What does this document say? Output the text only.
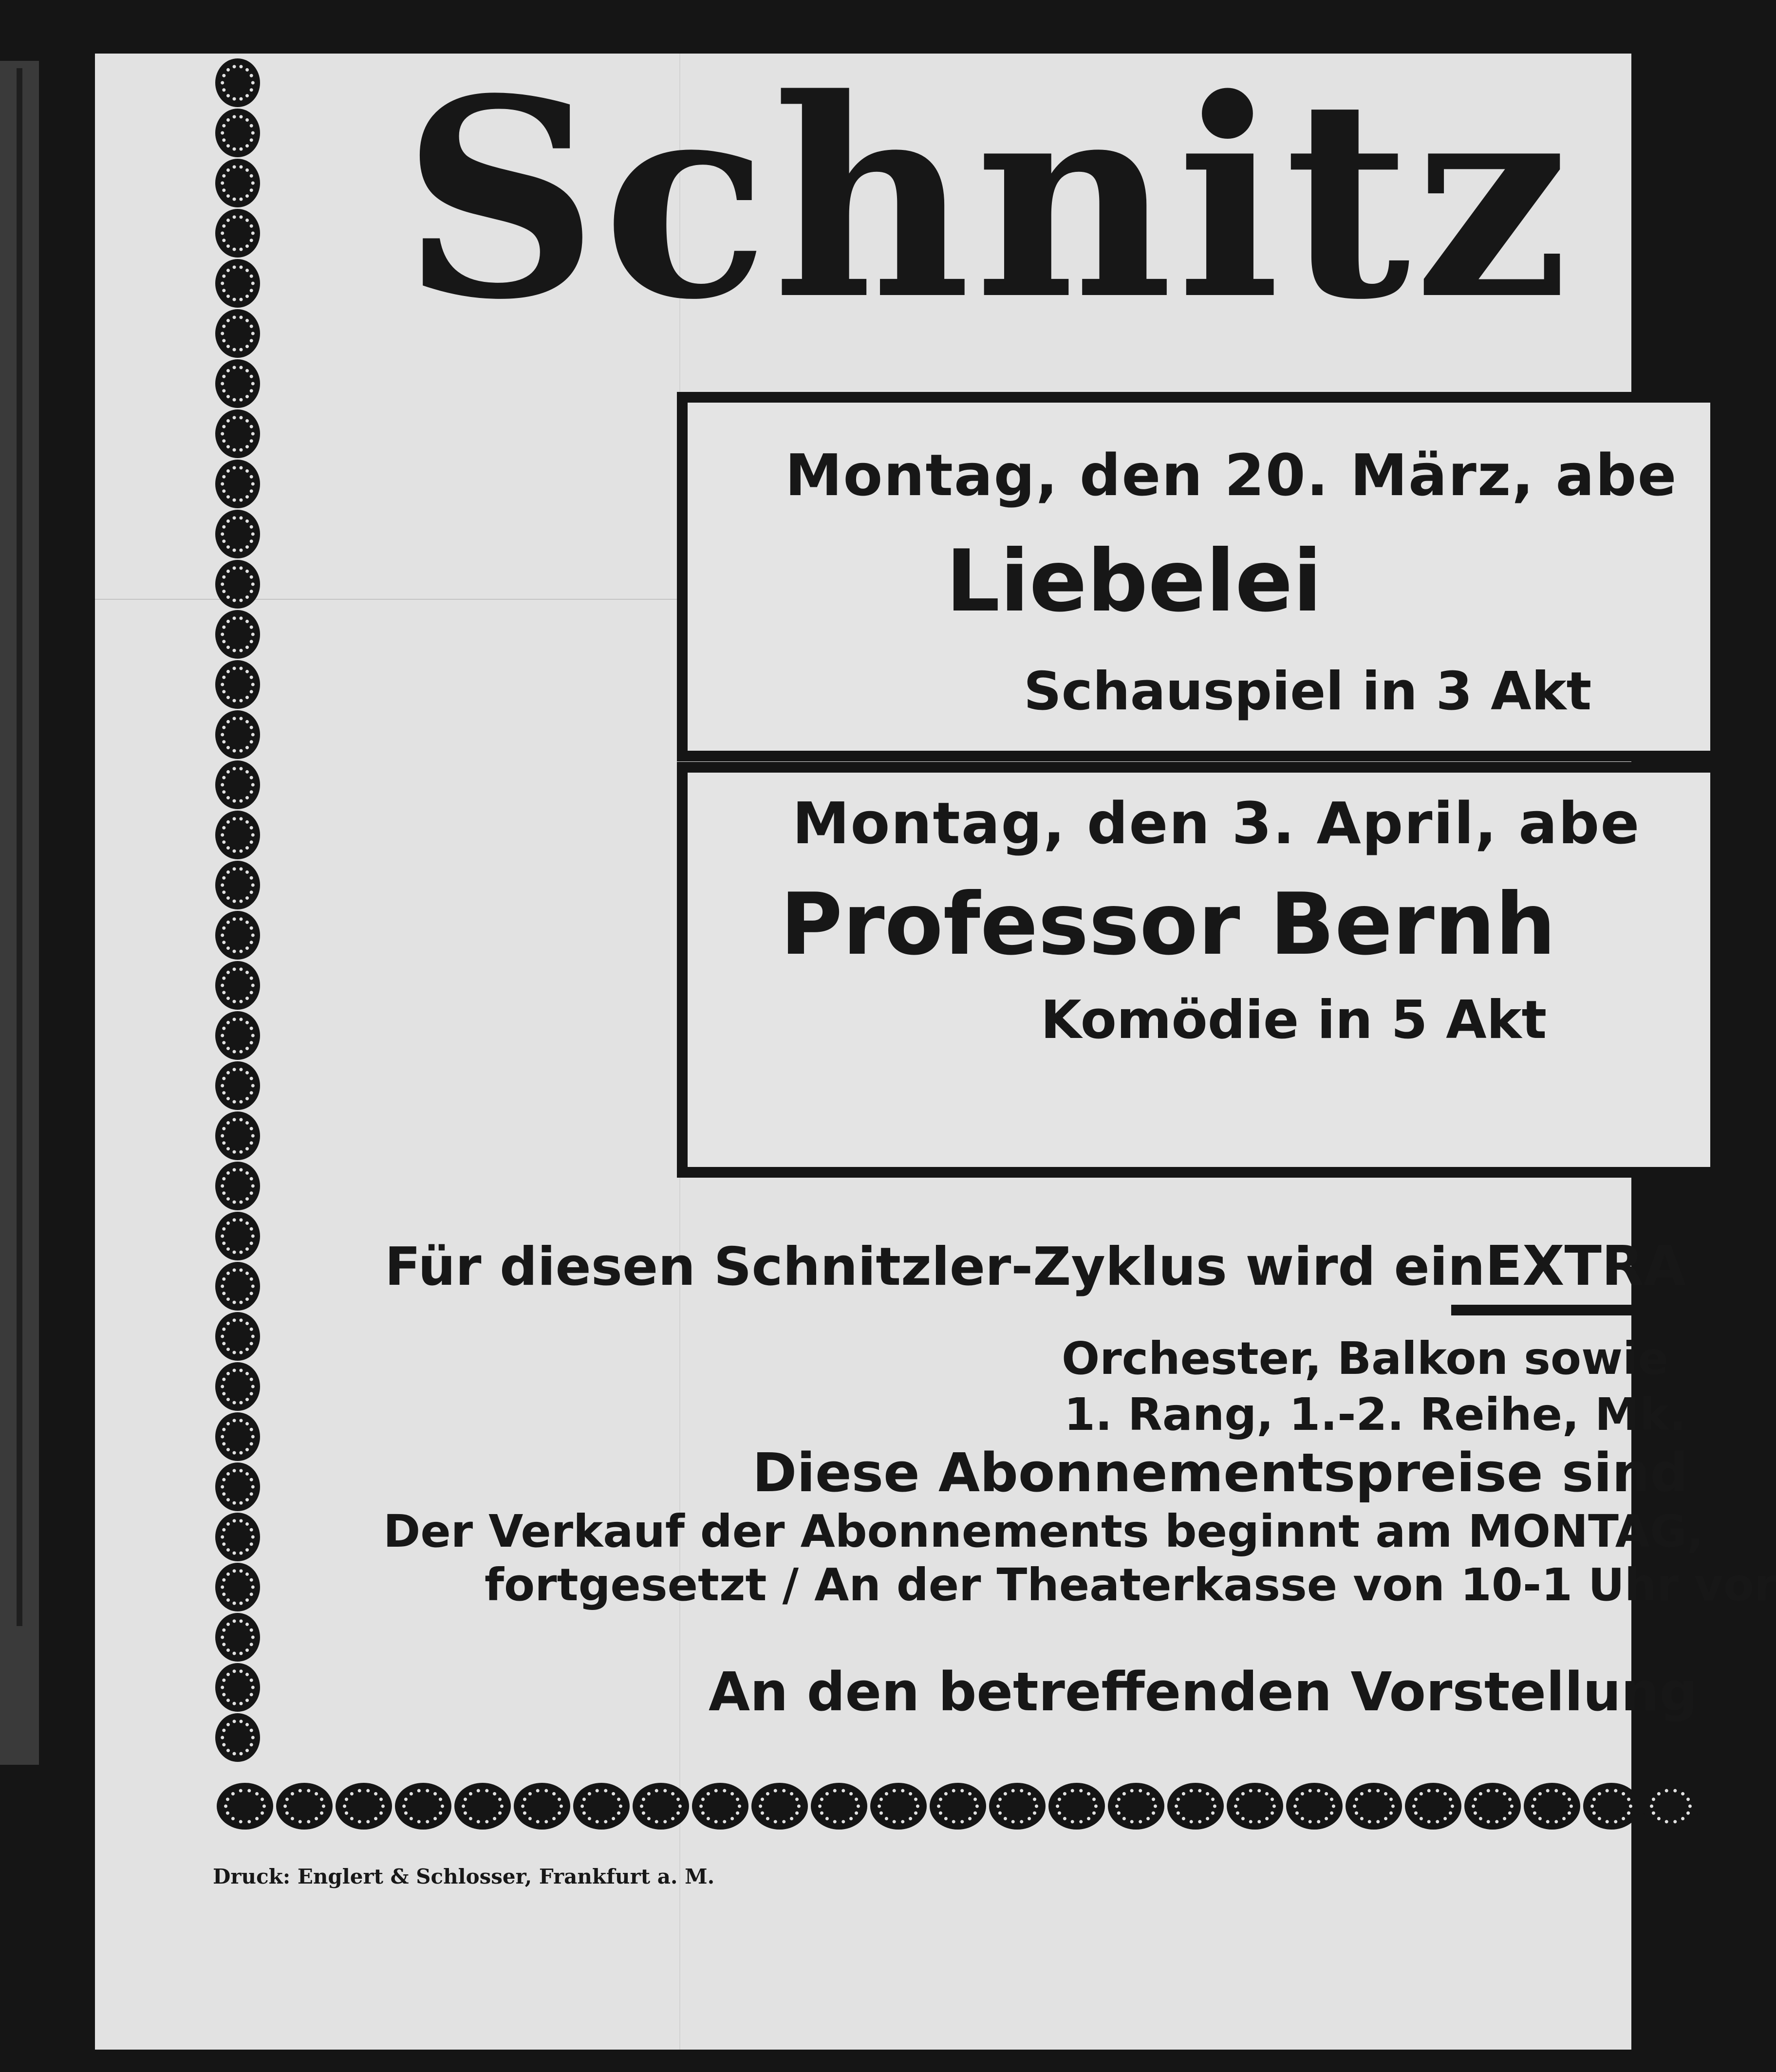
Schnitz
Montag, den 20. März, abe
Liebelei
Schauspiel in 3 Akt
Montag, den 3. April, abe
Professor Bernh
Komödie in 5 Akt
Für diesen Schnitzler-Zyklus wird einEXTRA
Orchester, Balkon sowie
1. Rang, 1.-2. Reihe, Mk.
Diese Abonnementspreise sind
Der Verkauf der Abonnements beginnt am MONTAG,
fortgesetzt / An der Theaterkasse von 10-1 Uhr vor
An den betreffenden Vorstellung
Druck: Englert & Schlosser, Frankfurt a. M.
